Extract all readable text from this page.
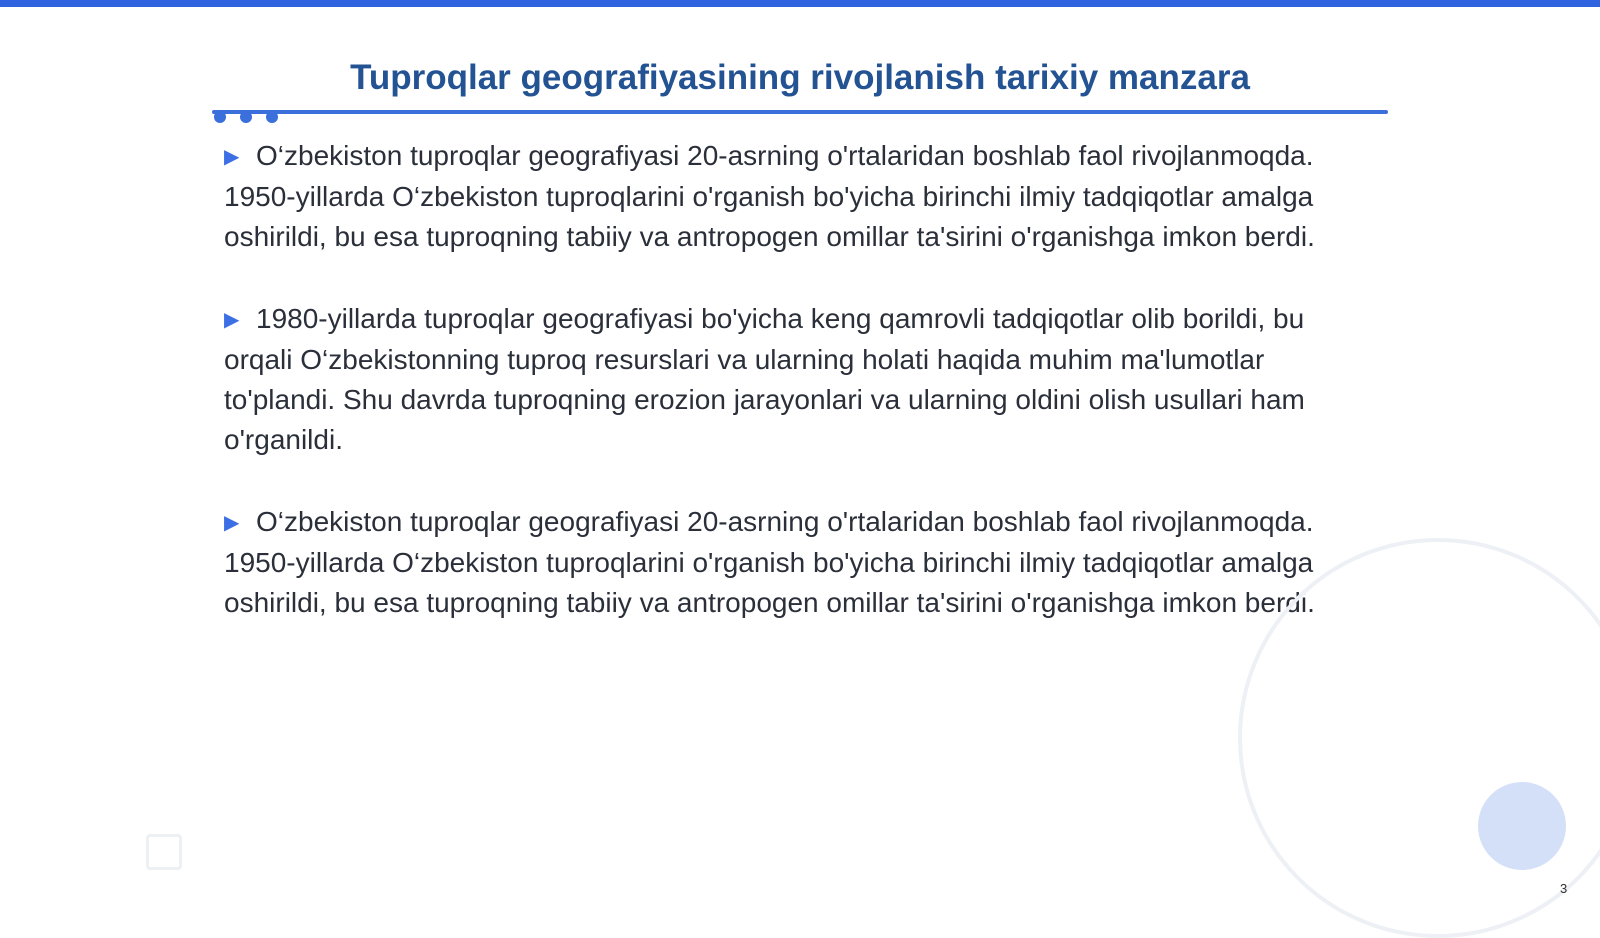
Tuproqlar geografiyasining rivojlanish tarixiy manzara

▶ O‘zbekiston tuproqlar geografiyasi 20-asrning o'rtalaridan boshlab faol rivojlanmoqda. 1950-yillarda O‘zbekiston tuproqlarini o'rganish bo'yicha birinchi ilmiy tadqiqotlar amalga oshirildi, bu esa tuproqning tabiiy va antropogen omillar ta'sirini o'rganishga imkon berdi.

▶ 1980-yillarda tuproqlar geografiyasi bo'yicha keng qamrovli tadqiqotlar olib borildi, bu orqali O‘zbekistonning tuproq resurslari va ularning holati haqida muhim ma'lumotlar to'plandi. Shu davrda tuproqning erozion jarayonlari va ularning oldini olish usullari ham o'rganildi.

▶ O‘zbekiston tuproqlar geografiyasi 20-asrning o'rtalaridan boshlab faol rivojlanmoqda. 1950-yillarda O‘zbekiston tuproqlarini o'rganish bo'yicha birinchi ilmiy tadqiqotlar amalga oshirildi, bu esa tuproqning tabiiy va antropogen omillar ta'sirini o'rganishga imkon berdi.

3
